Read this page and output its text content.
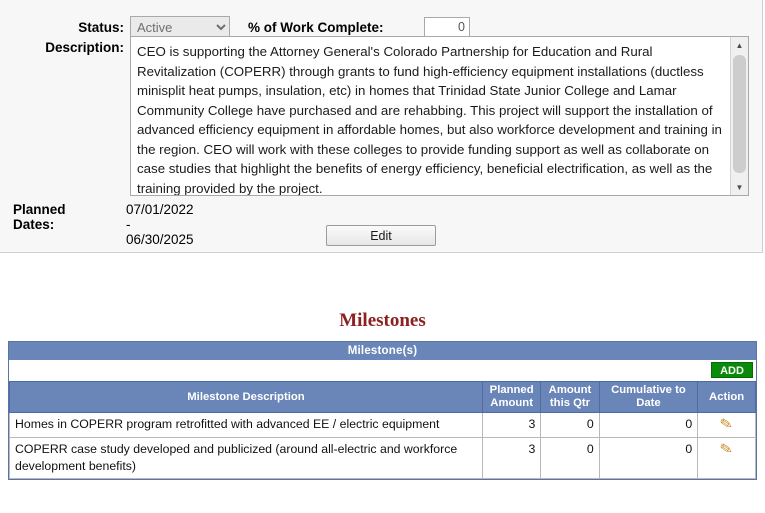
Status:
Active	% of Work Complete:
0
Description: CEO is supporting the Attorney General's Colorado Partnership for Education and Rural Revitalization (COPERR) through grants to fund high-efficiency equipment installations (ductless minisplit heat pumps, insulation, etc) in homes that Trinidad State Junior College and Lamar Community College have purchased and are rehabbing. This project will support the installation of advanced efficiency equipment in affordable homes, but also workforce development and training in the region. CEO will work with these colleges to provide funding support as well as collaborate on case studies that highlight the benefits of energy efficiency, beneficial electrification, as well as the training provided by the project.
▲
▼
Planned Dates:
07/01/2022 - 06/30/2025	Edit
Milestones
Milestone(s)
ADD
Milestone Description	Planned Amount	Amount this Qtr	Cumulative to Date	Action
Homes in COPERR program retrofitted with advanced EE / electric equipment	3	0	0	✎
COPERR case study developed and publicized (around all-electric and workforce development benefits)	3	0	0	✎
